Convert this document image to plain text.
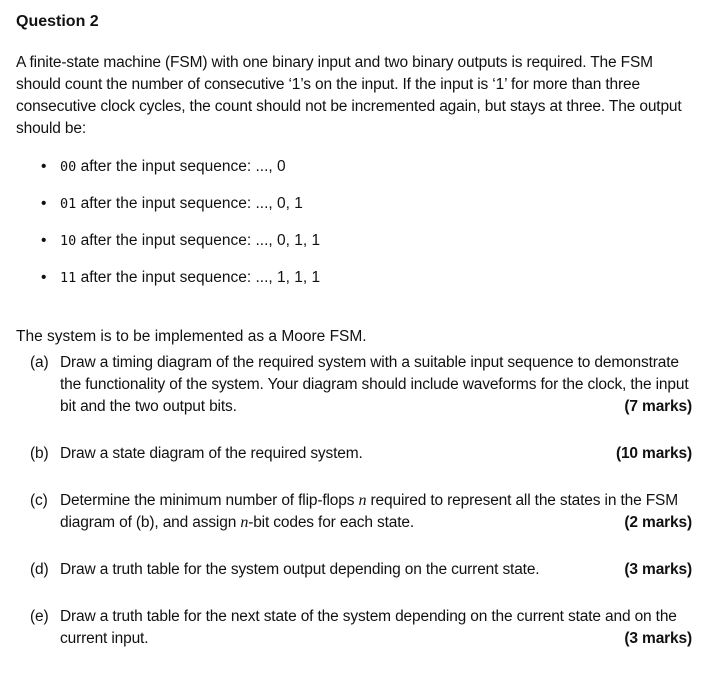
Question 2
A finite-state machine (FSM) with one binary input and two binary outputs is required. The FSM should count the number of consecutive ‘1’s on the input. If the input is ‘1’ for more than three consecutive clock cycles, the count should not be incremented again, but stays at three. The output should be:
• 00 after the input sequence: ..., 0
• 01 after the input sequence: ..., 0, 1
• 10 after the input sequence: ..., 0, 1, 1
• 11 after the input sequence: ..., 1, 1, 1
The system is to be implemented as a Moore FSM.
(a) Draw a timing diagram of the required system with a suitable input sequence to demonstrate the functionality of the system. Your diagram should include waveforms for the clock, the input bit and the two output bits.	(7 marks)
(b) Draw a state diagram of the required system.	(10 marks)
(c) Determine the minimum number of flip-flops n required to represent all the states in the FSM diagram of (b), and assign n-bit codes for each state.	(2 marks)
(d) Draw a truth table for the system output depending on the current state.	(3 marks)
(e) Draw a truth table for the next state of the system depending on the current state and on the current input.	(3 marks)
